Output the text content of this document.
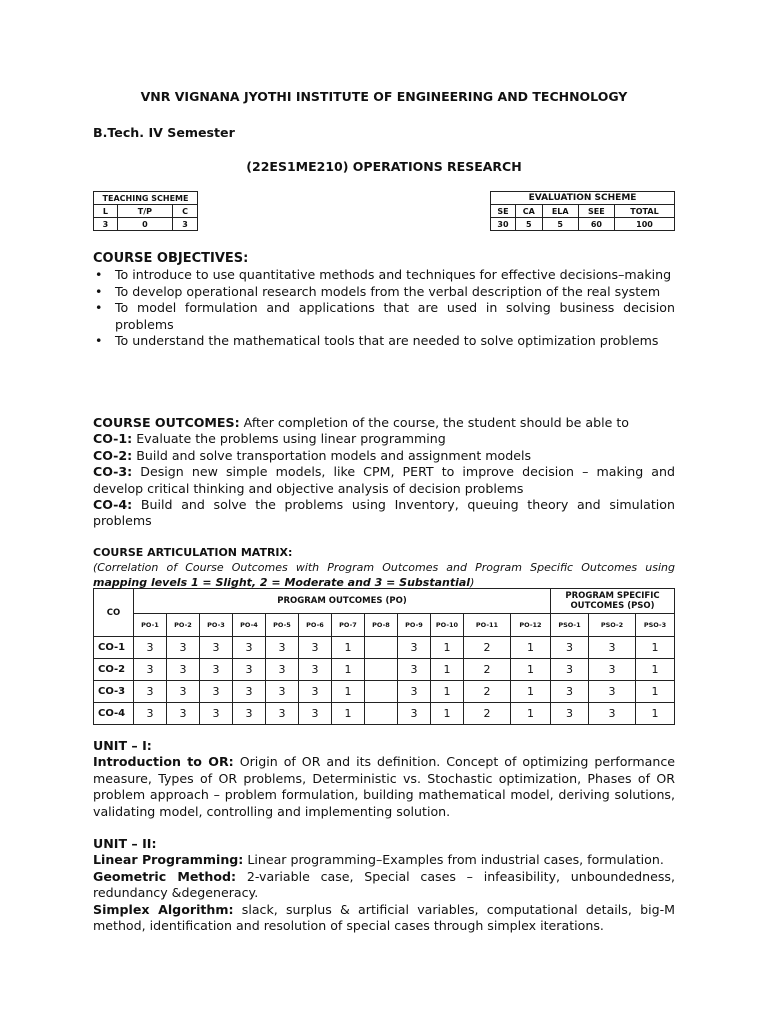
VNR VIGNANA JYOTHI INSTITUTE OF ENGINEERING AND TECHNOLOGY
B.Tech. IV Semester
(22ES1ME210) OPERATIONS RESEARCH
TEACHING SCHEME		
L	T/P	C
3	0	3
EVALUATION SCHEME				
SE	CA	ELA	SEE	TOTAL
30	5	5	60	100
COURSE OBJECTIVES:
• To introduce to use quantitative methods and techniques for effective decisions–making
• To develop operational research models from the verbal description of the real system
• To model formulation and applications that are used in solving business decision problems
• To understand the mathematical tools that are needed to solve optimization problems
COURSE OUTCOMES: After completion of the course, the student should be able to
CO-1: Evaluate the problems using linear programming
CO-2: Build and solve transportation models and assignment models
CO-3: Design new simple models, like CPM, PERT to improve decision – making and develop critical thinking and objective analysis of decision problems
CO-4: Build and solve the problems using Inventory, queuing theory and simulation problems
COURSE ARTICULATION MATRIX:
(Correlation of Course Outcomes with Program Outcomes and Program Specific Outcomes using mapping levels 1 = Slight, 2 = Moderate and 3 = Substantial)
CO	PROGRAM OUTCOMES (PO)												PROGRAM SPECIFIC OUTCOMES (PSO)		
	PO-1	PO-2	PO-3	PO-4	PO-5	PO-6	PO-7	PO-8	PO-9	PO-10	PO-11	PO-12	PSO-1	PSO-2	PSO-3
CO-1	3	3	3	3	3	3	1		3	1	2	1	3	3	1
CO-2	3	3	3	3	3	3	1		3	1	2	1	3	3	1
CO-3	3	3	3	3	3	3	1		3	1	2	1	3	3	1
CO-4	3	3	3	3	3	3	1		3	1	2	1	3	3	1
UNIT – I:
Introduction to OR: Origin of OR and its definition. Concept of optimizing performance measure, Types of OR problems, Deterministic vs. Stochastic optimization, Phases of OR problem approach – problem formulation, building mathematical model, deriving solutions, validating model, controlling and implementing solution.
UNIT – II:
Linear Programming: Linear programming–Examples from industrial cases, formulation.
Geometric Method: 2-variable case, Special cases – infeasibility, unboundedness, redundancy &degeneracy.
Simplex Algorithm: slack, surplus & artificial variables, computational details, big-M method, identification and resolution of special cases through simplex iterations.
